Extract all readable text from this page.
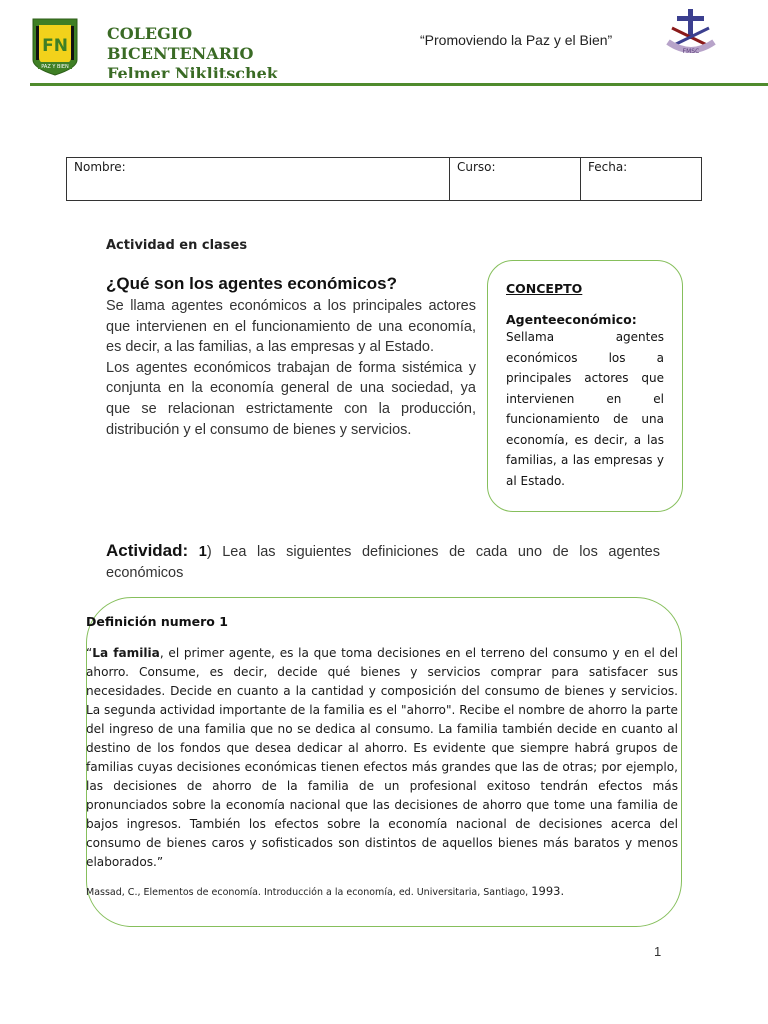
FN
PAZ Y BIEN
COLEGIO
BICENTENARIO
Felmer Niklitschek
“Promoviendo la Paz y el Bien”
FMSC
Nombre:	Curso:	Fecha:
Actividad en clases
¿Qué son los agentes económicos?

Se llama agentes económicos a los principales actores que intervienen en el funcionamiento de una economía, es decir, a las familias, a las empresas y al Estado.

Los agentes económicos trabajan de forma sistémica y conjunta en la economía general de una sociedad, ya que se relacionan estrictamente con la producción, distribución y el consumo de bienes y servicios.

CONCEPTO
Agenteeconómico:
Sellama agentes económicos los a principales actores que intervienen en el funcionamiento de una economía, es decir, a las familias, a las empresas y al Estado.
Actividad: 1) Lea las siguientes definiciones de cada uno de los agentes económicos
Definición numero 1
“La familia, el primer agente, es la que toma decisiones en el terreno del consumo y en el del ahorro. Consume, es decir, decide qué bienes y servicios comprar para satisfacer sus necesidades. Decide en cuanto a la cantidad y composición del consumo de bienes y servicios. La segunda actividad importante de la familia es el "ahorro". Recibe el nombre de ahorro la parte del ingreso de una familia que no se dedica al consumo. La familia también decide en cuanto al destino de los fondos que desea dedicar al ahorro. Es evidente que siempre habrá grupos de familias cuyas decisiones económicas tienen efectos más grandes que las de otras; por ejemplo, las decisiones de ahorro de la familia de un profesional exitoso tendrán efectos más pronunciados sobre la economía nacional que las decisiones de ahorro que tome una familia de bajos ingresos. También los efectos sobre la economía nacional de decisiones acerca del consumo de bienes caros y sofisticados son distintos de aquellos bienes más baratos y menos elaborados.”
Massad, C., Elementos de economía. Introducción a la economía, ed. Universitaria, Santiago, 1993.
1
